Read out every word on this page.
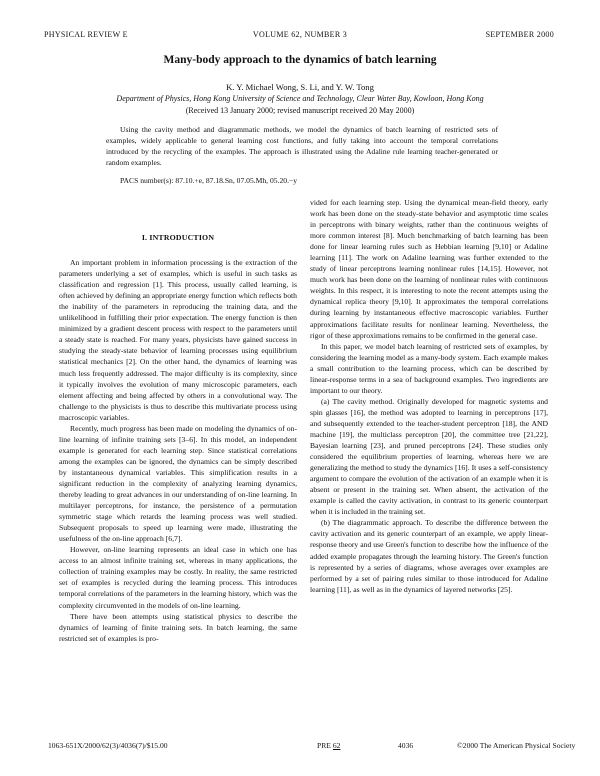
PHYSICAL REVIEW E	VOLUME 62, NUMBER 3	SEPTEMBER 2000
Many-body approach to the dynamics of batch learning
K. Y. Michael Wong, S. Li, and Y. W. Tong
Department of Physics, Hong Kong University of Science and Technology, Clear Water Bay, Kowloon, Hong Kong
(Received 13 January 2000; revised manuscript received 20 May 2000)
Using the cavity method and diagrammatic methods, we model the dynamics of batch learning of restricted sets of examples, widely applicable to general learning cost functions, and fully taking into account the temporal correlations introduced by the recycling of the examples. The approach is illustrated using the Adaline rule learning teacher-generated or random examples.
PACS number(s): 87.10.+e, 87.18.Sn, 07.05.Mh, 05.20.−y
I. INTRODUCTION

An important problem in information processing is the extraction of the parameters underlying a set of examples, which is useful in such tasks as classification and regression [1]. This process, usually called learning, is often achieved by defining an appropriate energy function which reflects both the inability of the parameters in reproducing the training data, and the unlikelihood in fulfilling their prior expectation. The energy function is then minimized by a gradient descent process with respect to the parameters until a steady state is reached. For many years, physicists have gained success in studying the steady-state behavior of learning processes using equilibrium statistical mechanics [2]. On the other hand, the dynamics of learning was much less frequently addressed. The major difficulty is its complexity, since it typically involves the evolution of many microscopic parameters, each element affecting and being affected by others in a convolutional way. The challenge to the physicists is thus to describe this multivariate process using macroscopic variables.

Recently, much progress has been made on modeling the dynamics of on-line learning of infinite training sets [3–6]. In this model, an independent example is generated for each learning step. Since statistical correlations among the examples can be ignored, the dynamics can be simply described by instantaneous dynamical variables. This simplification results in a significant reduction in the complexity of analyzing learning dynamics, thereby leading to great advances in our understanding of on-line learning. In multilayer perceptrons, for instance, the persistence of a permutation symmetric stage which retards the learning process was well studied. Subsequent proposals to speed up learning were made, illustrating the usefulness of the on-line approach [6,7].

However, on-line learning represents an ideal case in which one has access to an almost infinite training set, whereas in many applications, the collection of training examples may be costly. In reality, the same restricted set of examples is recycled during the learning process. This introduces temporal correlations of the parameters in the learning history, which was the complexity circumvented in the models of on-line learning.

There have been attempts using statistical physics to describe the dynamics of learning of finite training sets. In batch learning, the same restricted set of examples is pro-

vided for each learning step. Using the dynamical mean-field theory, early work has been done on the steady-state behavior and asymptotic time scales in perceptrons with binary weights, rather than the continuous weights of more common interest [8]. Much benchmarking of batch learning has been done for linear learning rules such as Hebbian learning [9,10] or Adaline learning [11]. The work on Adaline learning was further extended to the study of linear perceptrons learning nonlinear rules [14,15]. However, not much work has been done on the learning of nonlinear rules with continuous weights. In this respect, it is interesting to note the recent attempts using the dynamical replica theory [9,10]. It approximates the temporal correlations during learning by instantaneous effective macroscopic variables. Further approximations facilitate results for nonlinear learning. Nevertheless, the rigor of these approximations remains to be confirmed in the general case.

In this paper, we model batch learning of restricted sets of examples, by considering the learning model as a many-body system. Each example makes a small contribution to the learning process, which can be described by linear-response terms in a sea of background examples. Two ingredients are important to our theory.

(a) The cavity method. Originally developed for magnetic systems and spin glasses [16], the method was adopted to learning in perceptrons [17], and subsequently extended to the teacher-student perceptron [18], the AND machine [19], the multiclass perceptron [20], the committee tree [21,22], Bayesian learning [23], and pruned perceptrons [24]. These studies only considered the equilibrium properties of learning, whereas here we are generalizing the method to study the dynamics [16]. It uses a self-consistency argument to compare the evolution of the activation of an example when it is absent or present in the training set. When absent, the activation of the example is called the cavity activation, in contrast to its generic counterpart when it is included in the training set.

(b) The diagrammatic approach. To describe the difference between the cavity activation and its generic counterpart of an example, we apply linear-response theory and use Green's function to describe how the influence of the added example propagates through the learning history. The Green's function is represented by a series of diagrams, whose averages over examples are performed by a set of pairing rules similar to those introduced for Adaline learning [11], as well as in the dynamics of layered networks [25].

1063-651X/2000/62(3)/4036(7)/$15.00	PRE 62	4036	©2000 The American Physical Society
